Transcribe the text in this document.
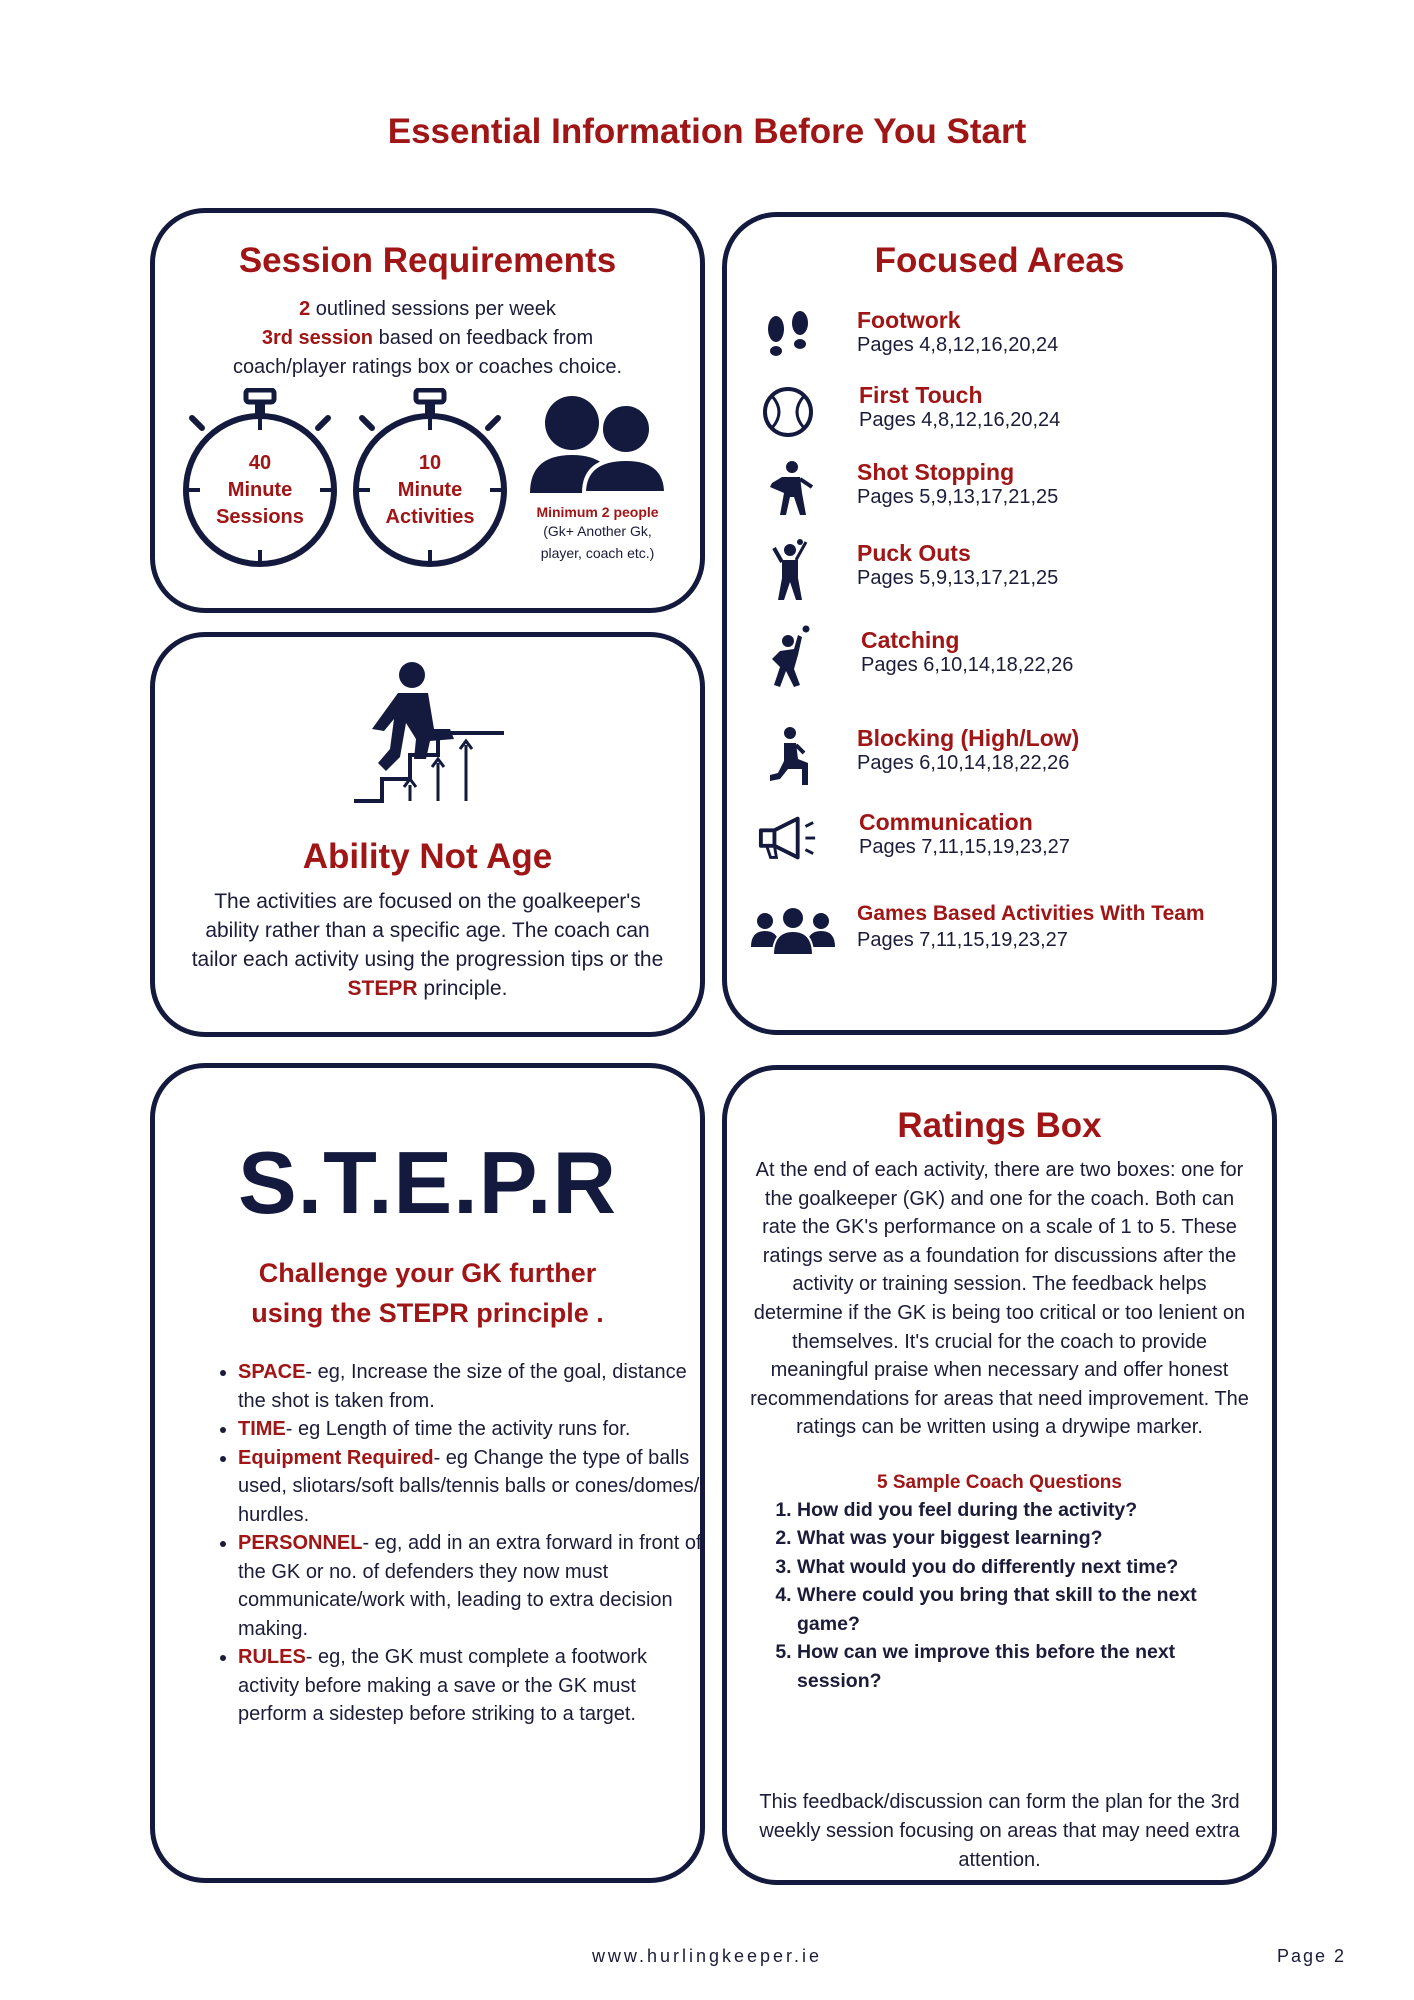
Essential Information Before You Start
Session Requirements
2 outlined sessions per week
3rd session based on feedback from
coach/player ratings box or coaches choice.
40
Minute
Sessions
10
Minute
Activities	Minimum 2 people
(Gk+ Another Gk,
player, coach etc.)
Ability Not Age
The activities are focused on the goalkeeper's ability rather than a specific age. The coach can tailor each activity using the progression tips or the STEPR principle.
Focused Areas
Footwork
Pages 4,8,12,16,20,24
First Touch
Pages 4,8,12,16,20,24
Shot Stopping
Pages 5,9,13,17,21,25
Puck Outs
Pages 5,9,13,17,21,25
Catching
Pages 6,10,14,18,22,26
Blocking (High/Low)
Pages 6,10,14,18,22,26
Communication
Pages 7,11,15,19,23,27
Games Based Activities With Team
Pages 7,11,15,19,23,27
S.T.E.P.R
Challenge your GK further
using the STEPR principle .
• SPACE- eg, Increase the size of the goal, distance the shot is taken from.
• TIME- eg Length of time the activity runs for.
• Equipment Required- eg Change the type of balls used, sliotars/soft balls/tennis balls or cones/domes/ hurdles.
• PERSONNEL- eg, add in an extra forward in front of the GK or no. of defenders they now must communicate/work with, leading to extra decision making.
• RULES- eg, the GK must complete a footwork activity before making a save or the GK must perform a sidestep before striking to a target.
Ratings Box
At the end of each activity, there are two boxes: one for the goalkeeper (GK) and one for the coach. Both can rate the GK's performance on a scale of 1 to 5. These ratings serve as a foundation for discussions after the activity or training session. The feedback helps determine if the GK is being too critical or too lenient on themselves. It's crucial for the coach to provide meaningful praise when necessary and offer honest recommendations for areas that need improvement. The ratings can be written using a drywipe marker.
5 Sample Coach Questions
1. How did you feel during the activity?
2. What was your biggest learning?
3. What would you do differently next time?
4. Where could you bring that skill to the next game?
5. How can we improve this before the next session?
This feedback/discussion can form the plan for the 3rd weekly session focusing on areas that may need extra attention.
www.hurlingkeeper.ie	Page 2
